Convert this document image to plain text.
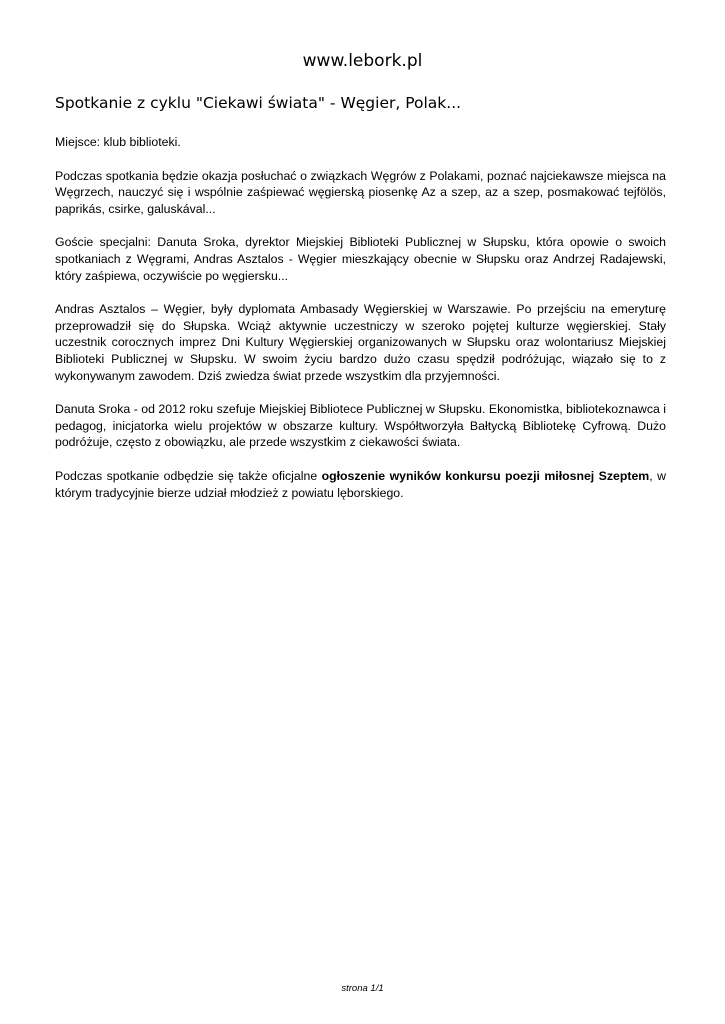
www.lebork.pl
Spotkanie z cyklu "Ciekawi świata" - Węgier, Polak...

Miejsce: klub biblioteki.

Podczas spotkania będzie okazja posłuchać o związkach Węgrów z Polakami, poznać najciekawsze miejsca na Węgrzech, nauczyć się i wspólnie zaśpiewać węgierską piosenkę Az a szep, az a szep, posmakować tejfölös, paprikás, csirke, galuskával...

Goście specjalni: Danuta Sroka, dyrektor Miejskiej Biblioteki Publicznej w Słupsku, która opowie o swoich spotkaniach z Węgrami, Andras Asztalos - Węgier mieszkający obecnie w Słupsku oraz Andrzej Radajewski, który zaśpiewa, oczywiście po węgiersku...

Andras Asztalos – Węgier, były dyplomata Ambasady Węgierskiej w Warszawie. Po przejściu na emeryturę przeprowadził się do Słupska. Wciąż aktywnie uczestniczy w szeroko pojętej kulturze węgierskiej. Stały uczestnik corocznych imprez Dni Kultury Węgierskiej organizowanych w Słupsku oraz wolontariusz Miejskiej Biblioteki Publicznej w Słupsku. W swoim życiu bardzo dużo czasu spędził podróżując, wiązało się to z wykonywanym zawodem. Dziś zwiedza świat przede wszystkim dla przyjemności.

Danuta Sroka - od 2012 roku szefuje Miejskiej Bibliotece Publicznej w Słupsku. Ekonomistka, bibliotekoznawca i pedagog, inicjatorka wielu projektów w obszarze kultury. Współtworzyła Bałtycką Bibliotekę Cyfrową. Dużo podróżuje, często z obowiązku, ale przede wszystkim z ciekawości świata.

Podczas spotkanie odbędzie się także oficjalne ogłoszenie wyników konkursu poezji miłosnej Szeptem, w którym tradycyjnie bierze udział młodzież z powiatu lęborskiego.

strona 1/1
